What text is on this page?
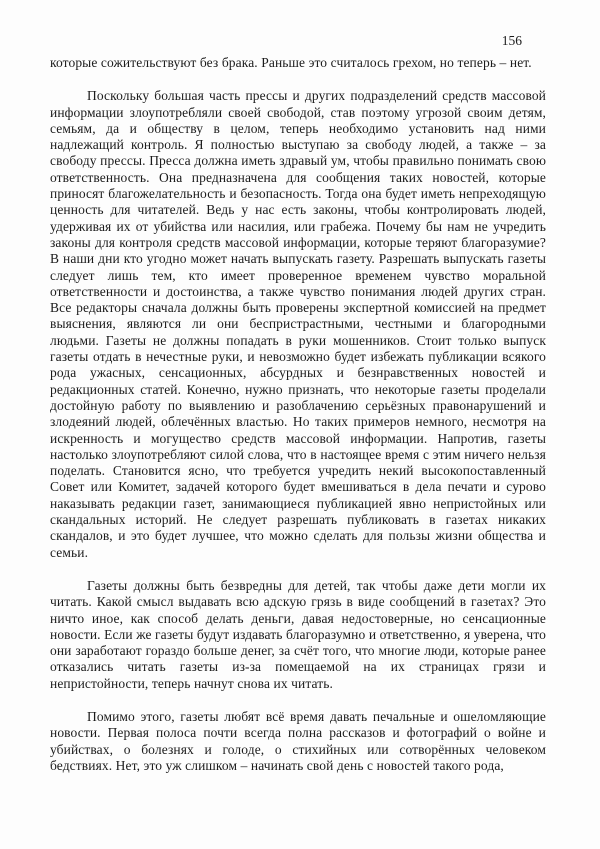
156

которые сожительствуют без брака. Раньше это считалось грехом, но теперь – нет.

Поскольку большая часть прессы и других подразделений средств массовой информации злоупотребляли своей свободой, став поэтому угрозой своим детям, семьям, да и обществу в целом, теперь необходимо установить над ними надлежащий контроль. Я полностью выступаю за свободу людей, а также – за свободу прессы. Пресса должна иметь здравый ум, чтобы правильно понимать свою ответственность. Она предназначена для сообщения таких новостей, которые приносят благожелательность и безопасность. Тогда она будет иметь непреходящую ценность для читателей. Ведь у нас есть законы, чтобы контролировать людей, удерживая их от убийства или насилия, или грабежа. Почему бы нам не учредить законы для контроля средств массовой информации, которые теряют благоразумие? В наши дни кто угодно может начать выпускать газету. Разрешать выпускать газеты следует лишь тем, кто имеет проверенное временем чувство моральной ответственности и достоинства, а также чувство понимания людей других стран. Все редакторы сначала должны быть проверены экспертной комиссией на предмет выяснения, являются ли они беспристрастными, честными и благородными людьми. Газеты не должны попадать в руки мошенников. Стоит только выпуск газеты отдать в нечестные руки, и невозможно будет избежать публикации всякого рода ужасных, сенсационных, абсурдных и безнравственных новостей и редакционных статей. Конечно, нужно признать, что некоторые газеты проделали достойную работу по выявлению и разоблачению серьёзных правонарушений и злодеяний людей, облечённых властью. Но таких примеров немного, несмотря на искренность и могущество средств массовой информации. Напротив, газеты настолько злоупотребляют силой слова, что в настоящее время с этим ничего нельзя поделать. Становится ясно, что требуется учредить некий высокопоставленный Совет или Комитет, задачей которого будет вмешиваться в дела печати и сурово наказывать редакции газет, занимающиеся публикацией явно непристойных или скандальных историй. Не следует разрешать публиковать в газетах никаких скандалов, и это будет лучшее, что можно сделать для пользы жизни общества и семьи.

Газеты должны быть безвредны для детей, так чтобы даже дети могли их читать. Какой смысл выдавать всю адскую грязь в виде сообщений в газетах? Это ничто иное, как способ делать деньги, давая недостоверные, но сенсационные новости. Если же газеты будут издавать благоразумно и ответственно, я уверена, что они заработают гораздо больше денег, за счёт того, что многие люди, которые ранее отказались читать газеты из-за помещаемой на их страницах грязи и непристойности, теперь начнут снова их читать.

Помимо этого, газеты любят всё время давать печальные и ошеломляющие новости. Первая полоса почти всегда полна рассказов и фотографий о войне и убийствах, о болезнях и голоде, о стихийных или сотворённых человеком бедствиях. Нет, это уж слишком – начинать свой день с новостей такого рода,
